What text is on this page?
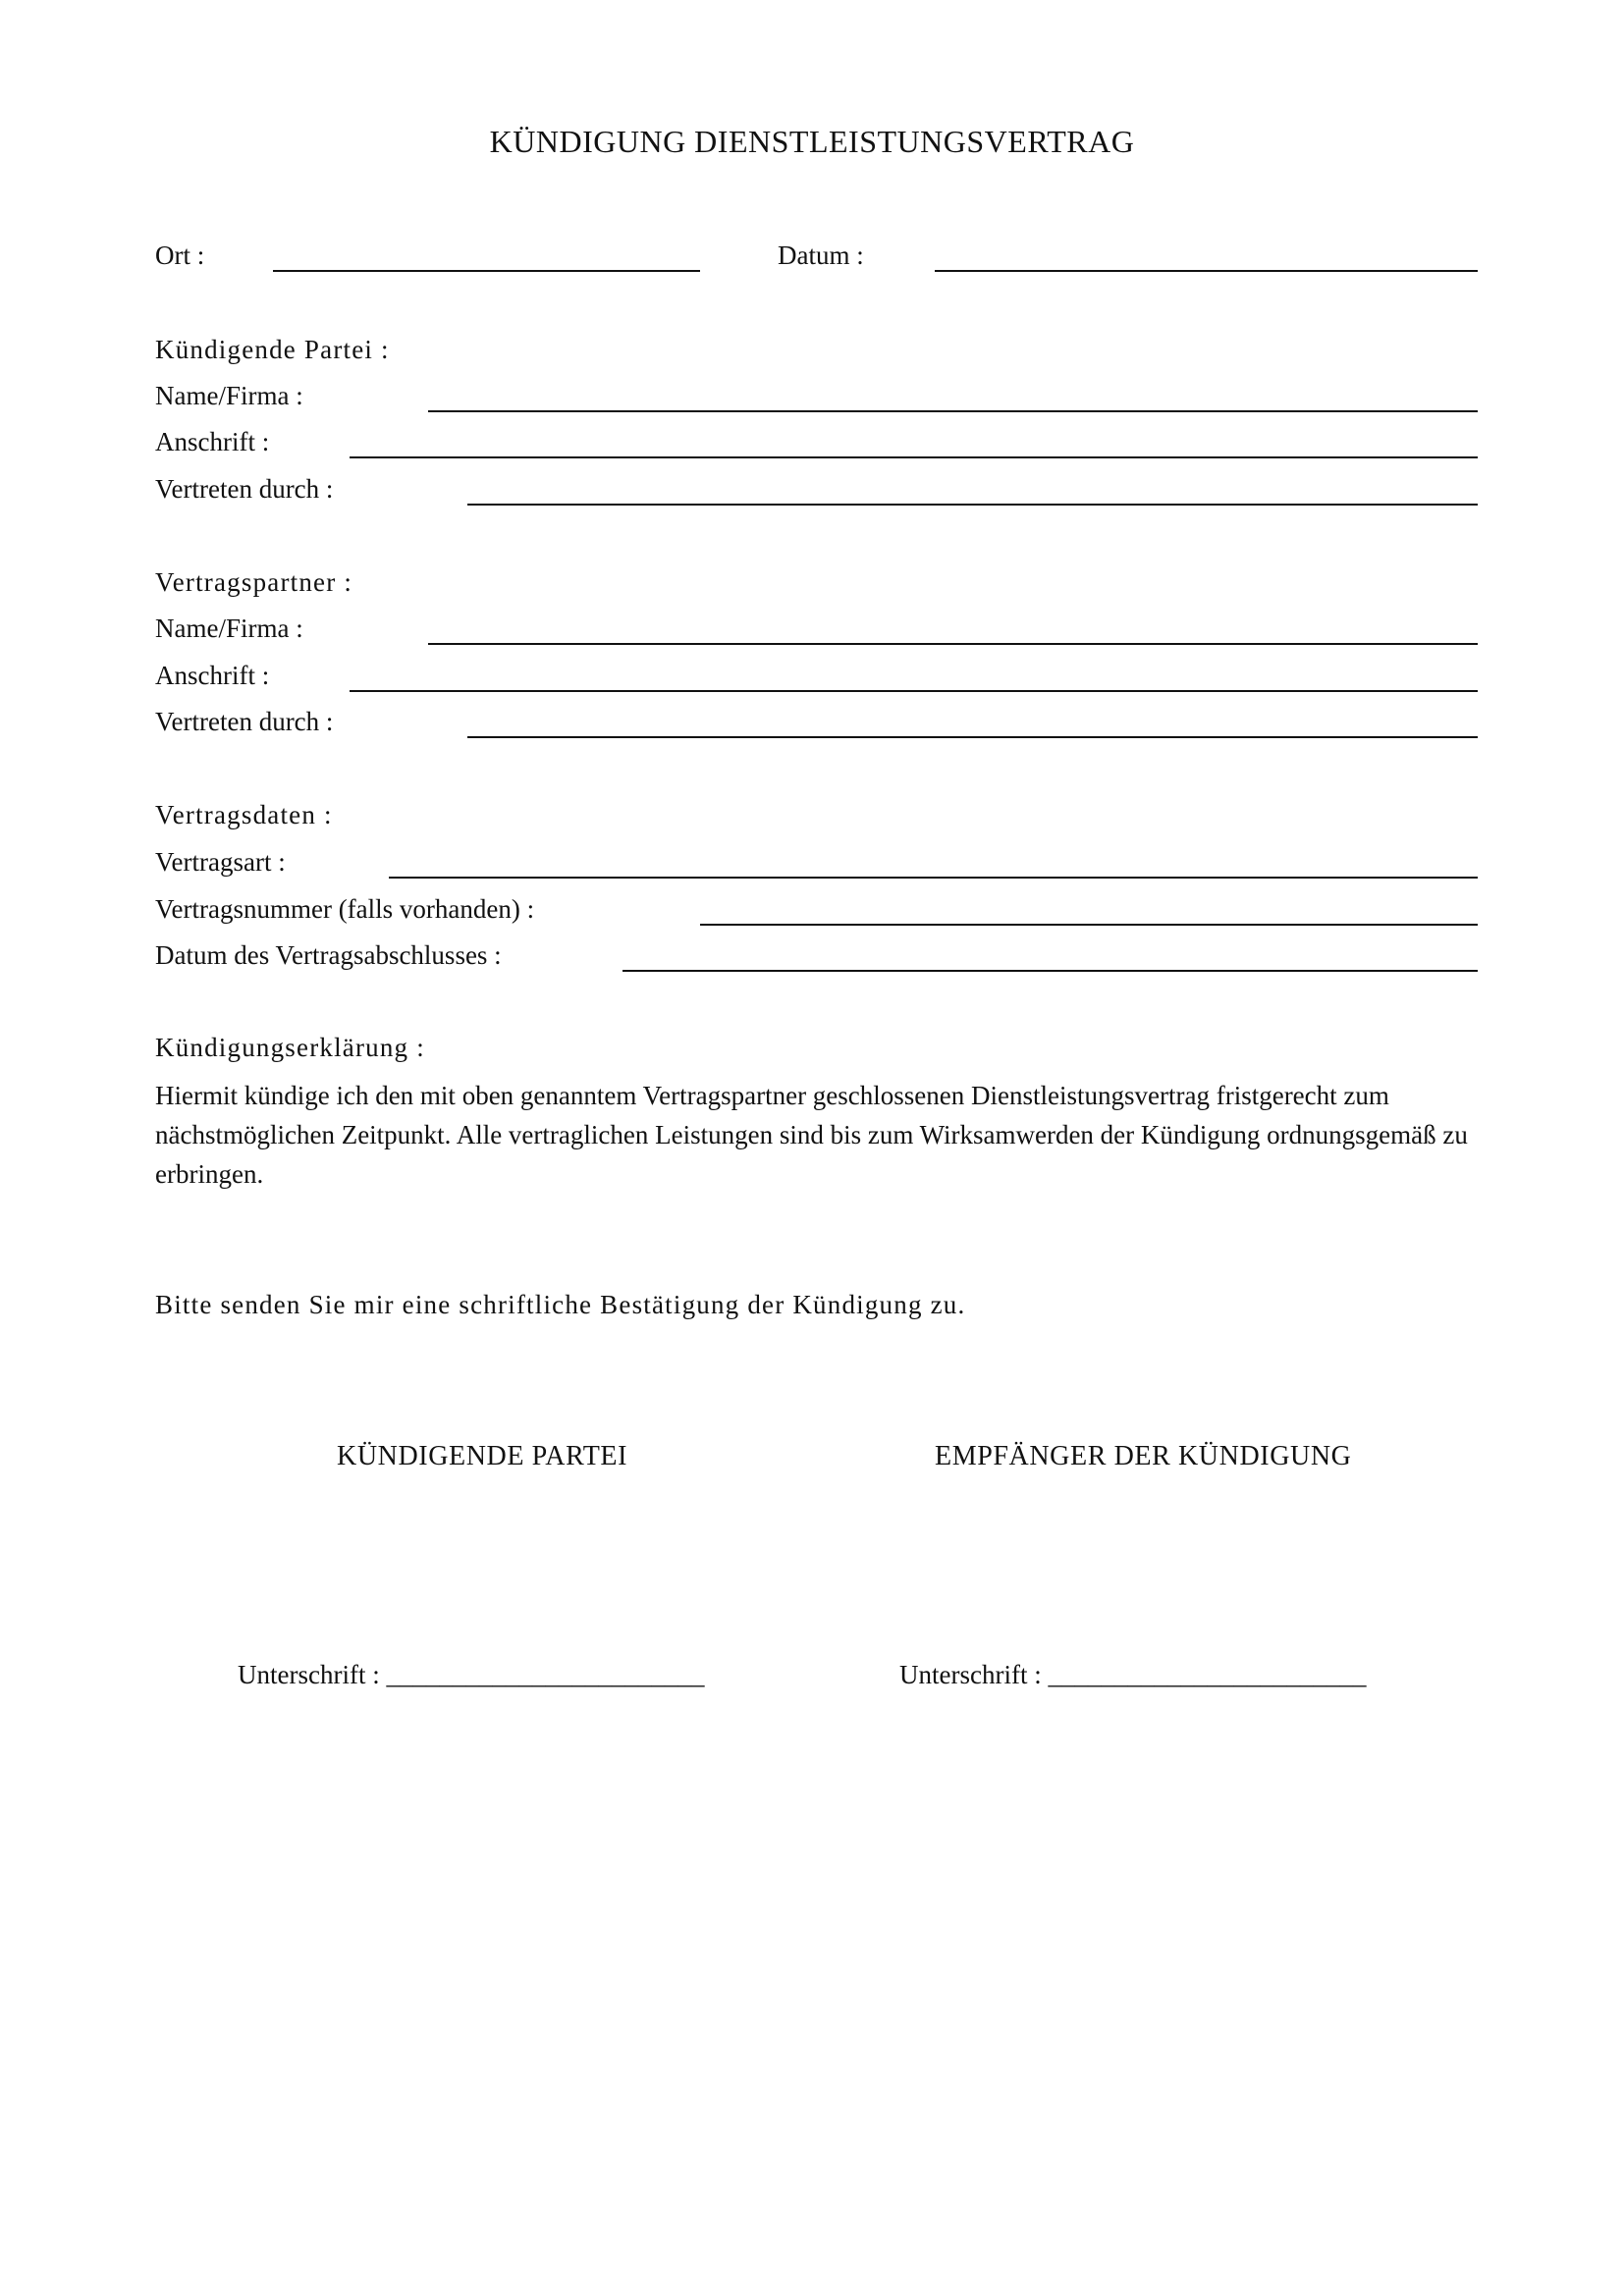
KÜNDIGUNG DIENSTLEISTUNGSVERTRAG
Ort :	Datum :
Kündigende Partei :
Name/Firma :
Anschrift :
Vertreten durch :
Vertragspartner :
Name/Firma :
Anschrift :
Vertreten durch :
Vertragsdaten :
Vertragsart :
Vertragsnummer (falls vorhanden) :
Datum des Vertragsabschlusses :
Kündigungserklärung :
Hiermit kündige ich den mit oben genanntem Vertragspartner geschlossenen Dienstleistungsvertrag fristgerecht zum nächstmöglichen Zeitpunkt. Alle vertraglichen Leistungen sind bis zum Wirksamwerden der Kündigung ordnungsgemäß zu erbringen.
Bitte senden Sie mir eine schriftliche Bestätigung der Kündigung zu.
KÜNDIGENDE PARTEI	EMPFÄNGER DER KÜNDIGUNG
Unterschrift : ________________________	Unterschrift : ________________________
